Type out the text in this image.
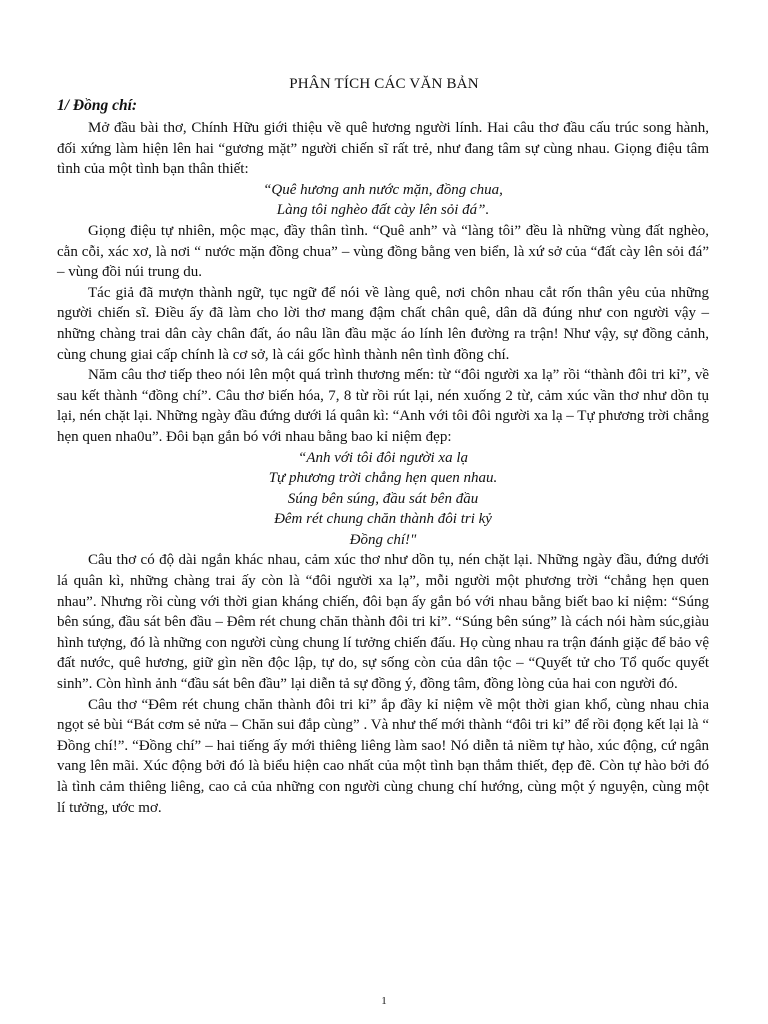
PHÂN TÍCH CÁC VĂN BẢN
1/ Đồng chí:

Mở đầu bài thơ, Chính Hữu giới thiệu về quê hương người lính. Hai câu thơ đầu cấu trúc song hành, đối xứng làm hiện lên hai “gương mặt” người chiến sĩ rất trẻ, như đang tâm sự cùng nhau. Giọng điệu tâm tình của một tình bạn thân thiết:

“Quê hương anh nước mặn, đồng chua,

Làng tôi nghèo đất cày lên sỏi đá”.

Giọng điệu tự nhiên, mộc mạc, đầy thân tình. “Quê anh” và “làng tôi” đều là những vùng đất nghèo, cằn cỗi, xác xơ, là nơi “ nước mặn đồng chua” – vùng đồng bằng ven biển, là xứ sở của “đất cày lên sỏi đá” – vùng đồi núi trung du.

Tác giả đã mượn thành ngữ, tục ngữ để nói về làng quê, nơi chôn nhau cắt rốn thân yêu của những người chiến sĩ. Điều ấy đã làm cho lời thơ mang đậm chất chân quê, dân dã đúng như con người vậy – những chàng trai dân cày chân đất, áo nâu lần đầu mặc áo lính lên đường ra trận! Như vậy, sự đồng cảnh, cùng chung giai cấp chính là cơ sở, là cái gốc hình thành nên tình đồng chí.

Năm câu thơ tiếp theo nói lên một quá trình thương mến: từ “đôi người xa lạ” rồi “thành đôi tri kỉ”, về sau kết thành “đồng chí”. Câu thơ biến hóa, 7, 8 từ rồi rút lại, nén xuống 2 từ, cảm xúc vần thơ như dồn tụ lại, nén chặt lại. Những ngày đầu đứng dưới lá quân kì: “Anh với tôi đôi người xa lạ – Tự phương trời chẳng hẹn quen nha0u”. Đôi bạn gắn bó với nhau bằng bao kỉ niệm đẹp:

“Anh với tôi đôi người xa lạ

Tự phương trời chẳng hẹn quen nhau.

Súng bên súng, đầu sát bên đầu

Đêm rét chung chăn thành đôi tri kỷ

Đồng chí!"

Câu thơ có độ dài ngắn khác nhau, cảm xúc thơ như dồn tụ, nén chặt lại. Những ngày đầu, đứng dưới lá quân kì, những chàng trai ấy còn là “đôi người xa lạ”, mỗi người một phương trời “chẳng hẹn quen nhau”. Nhưng rồi cùng với thời gian kháng chiến, đôi bạn ấy gắn bó với nhau bằng biết bao kỉ niệm: “Súng bên súng, đầu sát bên đầu – Đêm rét chung chăn thành đôi tri kỉ”. “Súng bên súng” là cách nói hàm súc,giàu hình tượng, đó là những con người cùng chung lí tưởng chiến đấu. Họ cùng nhau ra trận đánh giặc để bảo vệ đất nước, quê hương, giữ gìn nền độc lập, tự do, sự sống còn của dân tộc – “Quyết tử cho Tổ quốc quyết sinh”. Còn hình ảnh “đầu sát bên đầu” lại diễn tả sự đồng ý, đồng tâm, đồng lòng của hai con người đó.

Câu thơ “Đêm rét chung chăn thành đôi tri kỉ” ắp đầy kỉ niệm về một thời gian khổ, cùng nhau chia ngọt sẻ bùi “Bát cơm sẻ nửa – Chăn sui đắp cùng” . Và như thế mới thành “đôi tri kỉ” để rồi đọng kết lại là “ Đồng chí!”. “Đồng chí” – hai tiếng ấy mới thiêng liêng làm sao! Nó diễn tả niềm tự hào, xúc động, cứ ngân vang lên mãi. Xúc động bởi đó là biểu hiện cao nhất của một tình bạn thắm thiết, đẹp đẽ. Còn tự hào bởi đó là tình cảm thiêng liêng, cao cả của những con người cùng chung chí hướng, cùng một ý nguyện, cùng một lí tưởng, ước mơ.

1
